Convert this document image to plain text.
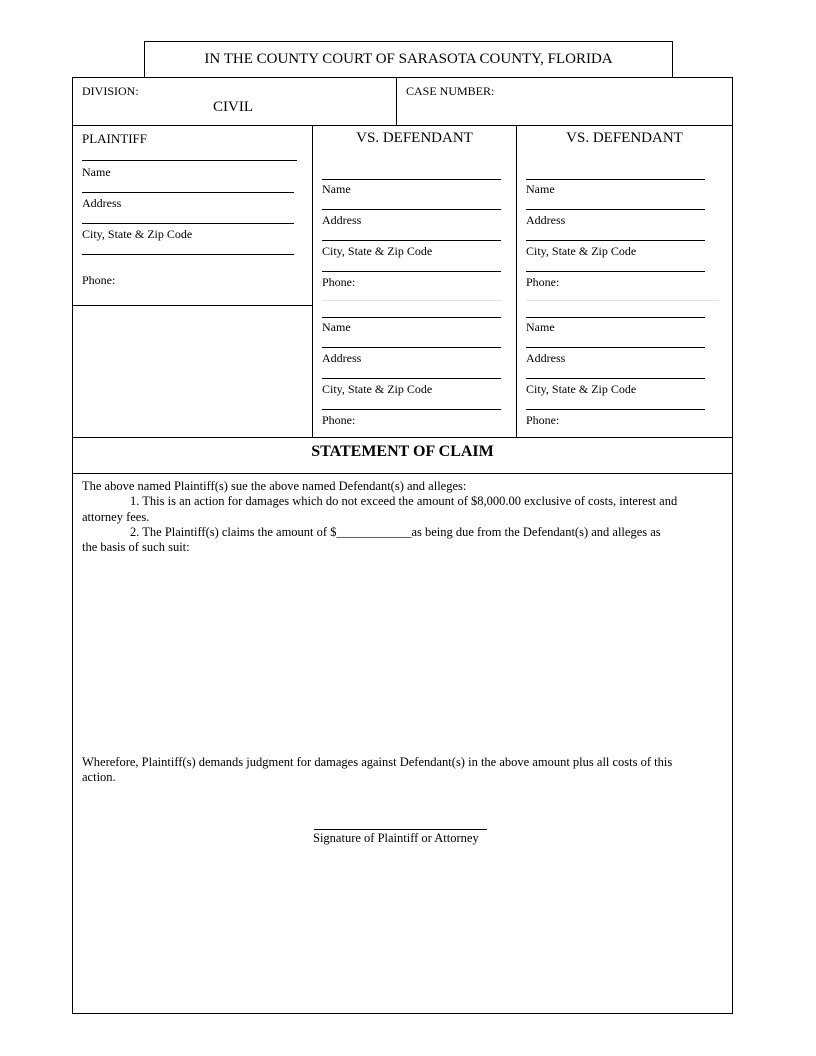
IN THE COUNTY COURT OF SARASOTA COUNTY, FLORIDA
DIVISION:
CIVIL
CASE NUMBER:
PLAINTIFF
Name
Address
City, State & Zip Code
Phone:
VS. DEFENDANT
Name
Address
City, State & Zip Code
Phone:
Name
Address
City, State & Zip Code
Phone:
VS. DEFENDANT
Name
Address
City, State & Zip Code
Phone:
Name
Address
City, State & Zip Code
Phone:
STATEMENT OF CLAIM
The above named Plaintiff(s) sue the above named Defendant(s) and alleges:
1. This is an action for damages which do not exceed the amount of $8,000.00 exclusive of costs, interest and
attorney fees.
2. The Plaintiff(s) claims the amount of $____________as being due from the Defendant(s) and alleges as
the basis of such suit:
Wherefore, Plaintiff(s) demands judgment for damages against Defendant(s) in the above amount plus all costs of this
action.
Signature of Plaintiff or Attorney
